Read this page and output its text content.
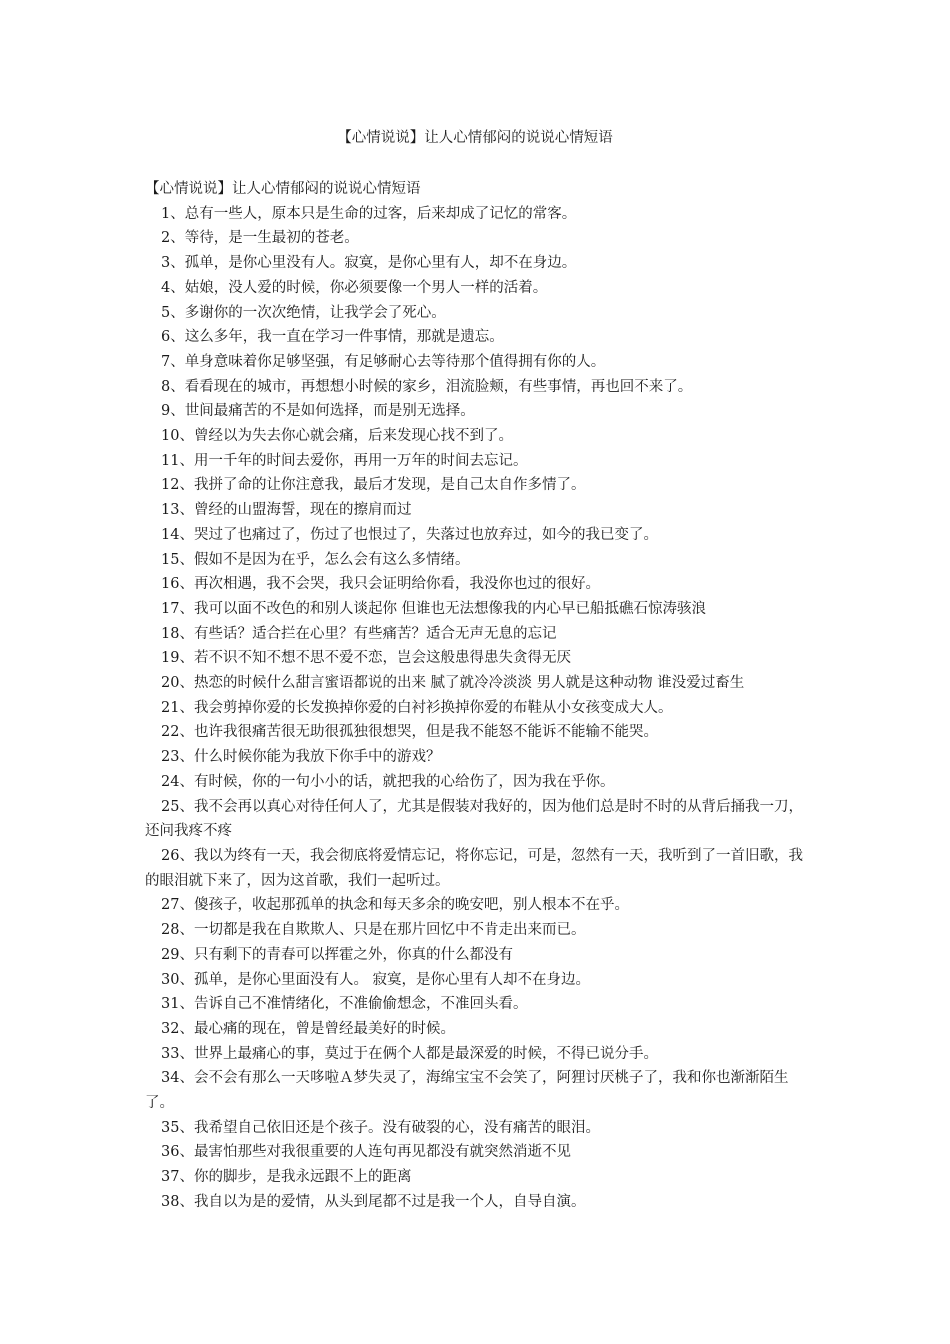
【心情说说】让人心情郁闷的说说心情短语

【心情说说】让人心情郁闷的说说心情短语

1、总有一些人，原本只是生命的过客，后来却成了记忆的常客。

2、等待，是一生最初的苍老。

3、孤单，是你心里没有人。寂寞，是你心里有人，却不在身边。

4、姑娘，没人爱的时候，你必须要像一个男人一样的活着。

5、多谢你的一次次绝情，让我学会了死心。

6、这么多年，我一直在学习一件事情，那就是遗忘。

7、单身意味着你足够坚强，有足够耐心去等待那个值得拥有你的人。

8、看看现在的城市，再想想小时候的家乡，泪流脸颊，有些事情，再也回不来了。

9、世间最痛苦的不是如何选择，而是别无选择。

10、曾经以为失去你心就会痛，后来发现心找不到了。

11、用一千年的时间去爱你，再用一万年的时间去忘记。

12、我拼了命的让你注意我，最后才发现，是自己太自作多情了。

13、曾经的山盟海誓，现在的擦肩而过

14、哭过了也痛过了，伤过了也恨过了，失落过也放弃过，如今的我已变了。

15、假如不是因为在乎，怎么会有这么多情绪。

16、再次相遇，我不会哭，我只会证明给你看，我没你也过的很好。

17、我可以面不改色的和别人谈起你 但谁也无法想像我的内心早已船抵礁石惊涛骇浪

18、有些话？适合拦在心里？有些痛苦？适合无声无息的忘记

19、若不识不知不想不思不爱不恋，岂会这般患得患失贪得无厌

20、热恋的时候什么甜言蜜语都说的出来 腻了就冷冷淡淡 男人就是这种动物 谁没爱过畜生

21、我会剪掉你爱的长发换掉你爱的白衬衫换掉你爱的布鞋从小女孩变成大人。

22、也许我很痛苦很无助很孤独很想哭，但是我不能怒不能诉不能输不能哭。

23、什么时候你能为我放下你手中的游戏？

24、有时候，你的一句小小的话，就把我的心给伤了，因为我在乎你。

25、我不会再以真心对待任何人了，尤其是假装对我好的，因为他们总是时不时的从背后捅我一刀，还问我疼不疼

26、我以为终有一天，我会彻底将爱情忘记，将你忘记，可是，忽然有一天，我听到了一首旧歌，我的眼泪就下来了，因为这首歌，我们一起听过。

27、傻孩子，收起那孤单的执念和每天多余的晚安吧，别人根本不在乎。

28、一切都是我在自欺欺人、只是在那片回忆中不肯走出来而已。

29、只有剩下的青春可以挥霍之外，你真的什么都没有

30、孤单，是你心里面没有人。 寂寞，是你心里有人却不在身边。

31、告诉自己不准情绪化，不准偷偷想念，不准回头看。

32、最心痛的现在，曾是曾经最美好的时候。

33、世界上最痛心的事，莫过于在俩个人都是最深爱的时候，不得已说分手。

34、会不会有那么一天哆啦Ａ梦失灵了，海绵宝宝不会笑了，阿狸讨厌桃子了，我和你也渐渐陌生了。

35、我希望自己依旧还是个孩子。没有破裂的心，没有痛苦的眼泪。

36、最害怕那些对我很重要的人连句再见都没有就突然消逝不见

37、你的脚步，是我永远跟不上的距离

38、我自以为是的爱情，从头到尾都不过是我一个人，自导自演。
